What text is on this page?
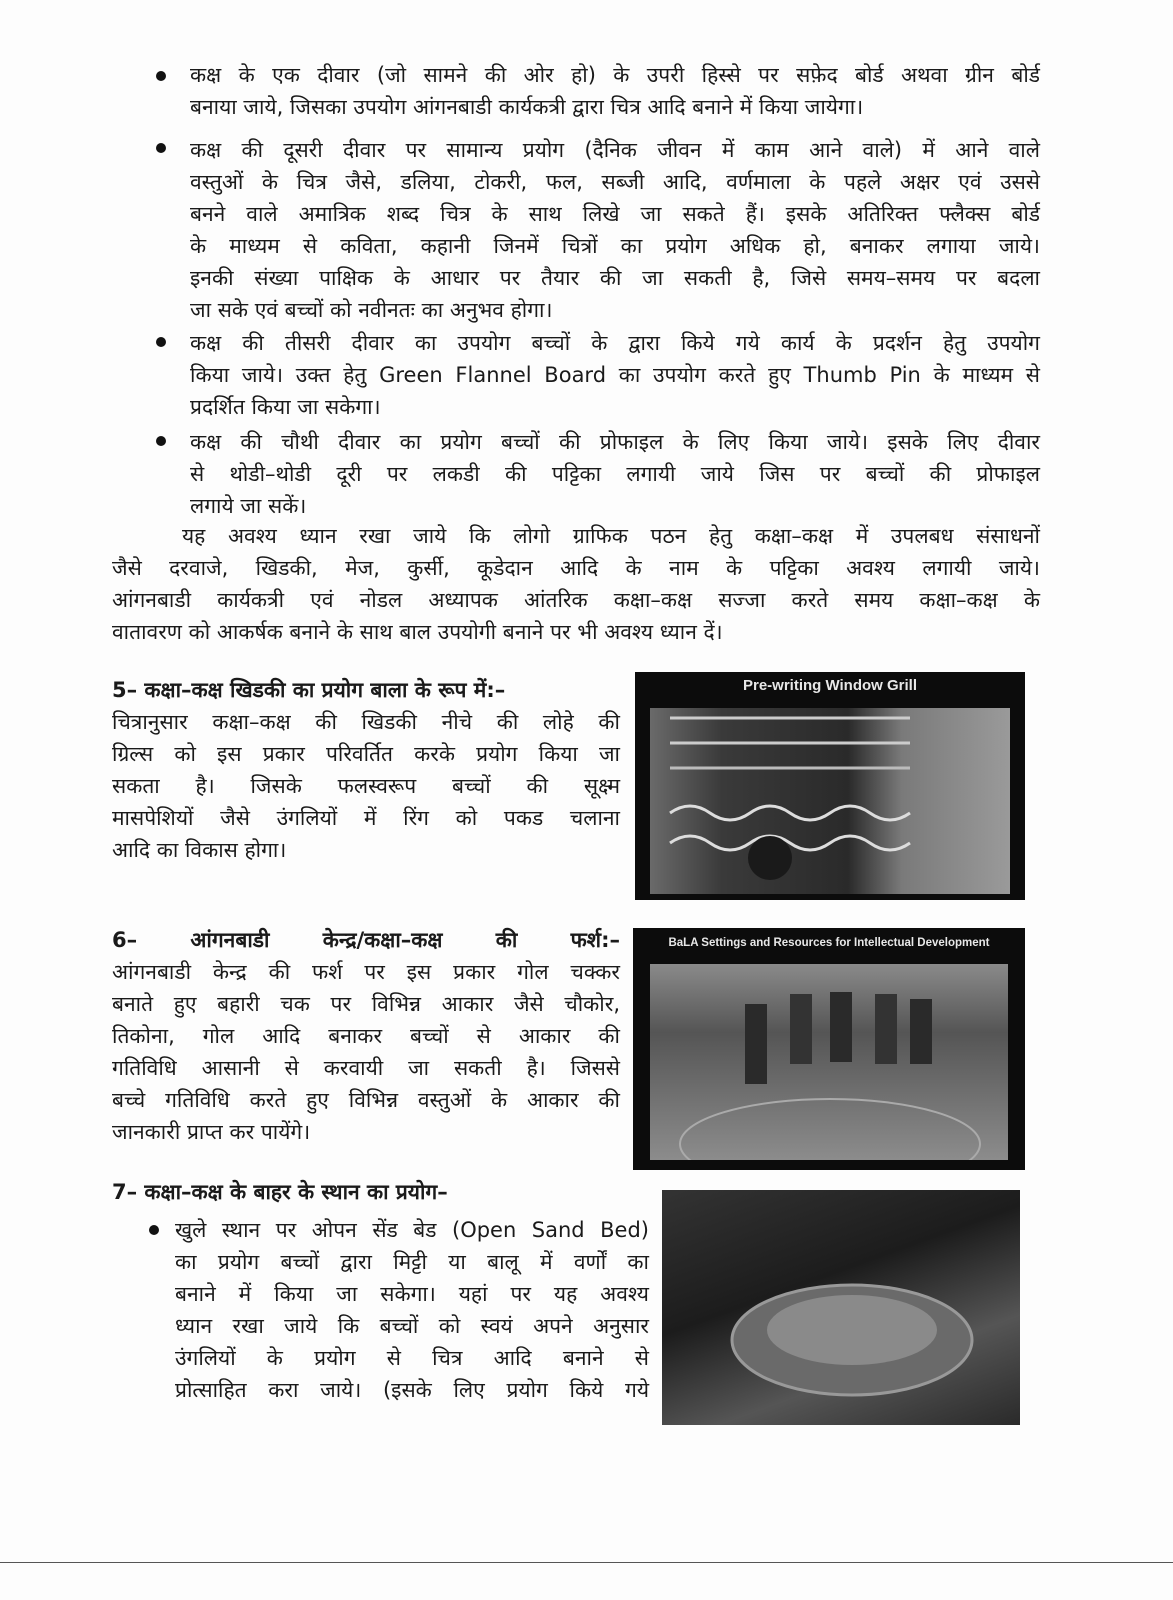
कक्ष के एक दीवार (जो सामने की ओर हो) के उपरी हिस्से पर सफ़ेद बोर्ड अथवा ग्रीन बोर्ड
बनाया जाये, जिसका उपयोग आंगनबाडी कार्यकत्री द्वारा चित्र आदि बनाने में किया जायेगा।
कक्ष की दूसरी दीवार पर सामान्य प्रयोग (दैनिक जीवन में काम आने वाले) में आने वाले
वस्तुओं के चित्र जैसे, डलिया, टोकरी, फल, सब्जी आदि, वर्णमाला के पहले अक्षर एवं उससे
बनने वाले अमात्रिक शब्द चित्र के साथ लिखे जा सकते हैं। इसके अतिरिक्त फ्लैक्स बोर्ड
के माध्यम से कविता, कहानी जिनमें चित्रों का प्रयोग अधिक हो, बनाकर लगाया जाये।
इनकी संख्या पाक्षिक के आधार पर तैयार की जा सकती है, जिसे समय–समय पर बदला
जा सके एवं बच्चों को नवीनतः का अनुभव होगा।
कक्ष की तीसरी दीवार का उपयोग बच्चों के द्वारा किये गये कार्य के प्रदर्शन हेतु उपयोग
किया जाये। उक्त हेतु Green Flannel Board का उपयोग करते हुए Thumb Pin के माध्यम से
प्रदर्शित किया जा सकेगा।
कक्ष की चौथी दीवार का प्रयोग बच्चों की प्रोफाइल के लिए किया जाये। इसके लिए दीवार
से थोडी–थोडी दूरी पर लकडी की पट्टिका लगायी जाये जिस पर बच्चों की प्रोफाइल
लगाये जा सकें।
यह अवश्य ध्यान रखा जाये कि लोगो ग्राफिक पठन हेतु कक्षा–कक्ष में उपलबध संसाधनों
जैसे दरवाजे, खिडकी, मेज, कुर्सी, कूडेदान आदि के नाम के पट्टिका अवश्य लगायी जाये।
आंगनबाडी कार्यकत्री एवं नोडल अध्यापक आंतरिक कक्षा–कक्ष सज्जा करते समय कक्षा–कक्ष के
वातावरण को आकर्षक बनाने के साथ बाल उपयोगी बनाने पर भी अवश्य ध्यान दें।
5– कक्षा–कक्ष खिडकी का प्रयोग बाला के रूप में:–
चित्रानुसार कक्षा–कक्ष की खिडकी नीचे की लोहे की
ग्रिल्स को इस प्रकार परिवर्तित करके प्रयोग किया जा
सकता है। जिसके फलस्वरूप बच्चों की सूक्ष्म
मासपेशियों जैसे उंगलियों में रिंग को पकड चलाना
आदि का विकास होगा।
Pre-writing Window Grill
6– आंगनबाडी केन्द्र/कक्षा–कक्ष की फर्श:–
आंगनबाडी केन्द्र की फर्श पर इस प्रकार गोल चक्कर
बनाते हुए बहारी चक पर विभिन्न आकार जैसे चौकोर,
तिकोना, गोल आदि बनाकर बच्चों से आकार की
गतिविधि आसानी से करवायी जा सकती है। जिससे
बच्चे गतिविधि करते हुए विभिन्न वस्तुओं के आकार की
जानकारी प्राप्त कर पायेंगे।
BaLA Settings and Resources for Intellectual Development
7– कक्षा–कक्ष के बाहर के स्थान का प्रयोग–
खुले स्थान पर ओपन सेंड बेड (Open Sand Bed)
का प्रयोग बच्चों द्वारा मिट्टी या बालू में वर्णों का
बनाने में किया जा सकेगा। यहां पर यह अवश्य
ध्यान रखा जाये कि बच्चों को स्वयं अपने अनुसार
उंगलियों के प्रयोग से चित्र आदि बनाने से
प्रोत्साहित करा जाये। (इसके लिए प्रयोग किये गये
